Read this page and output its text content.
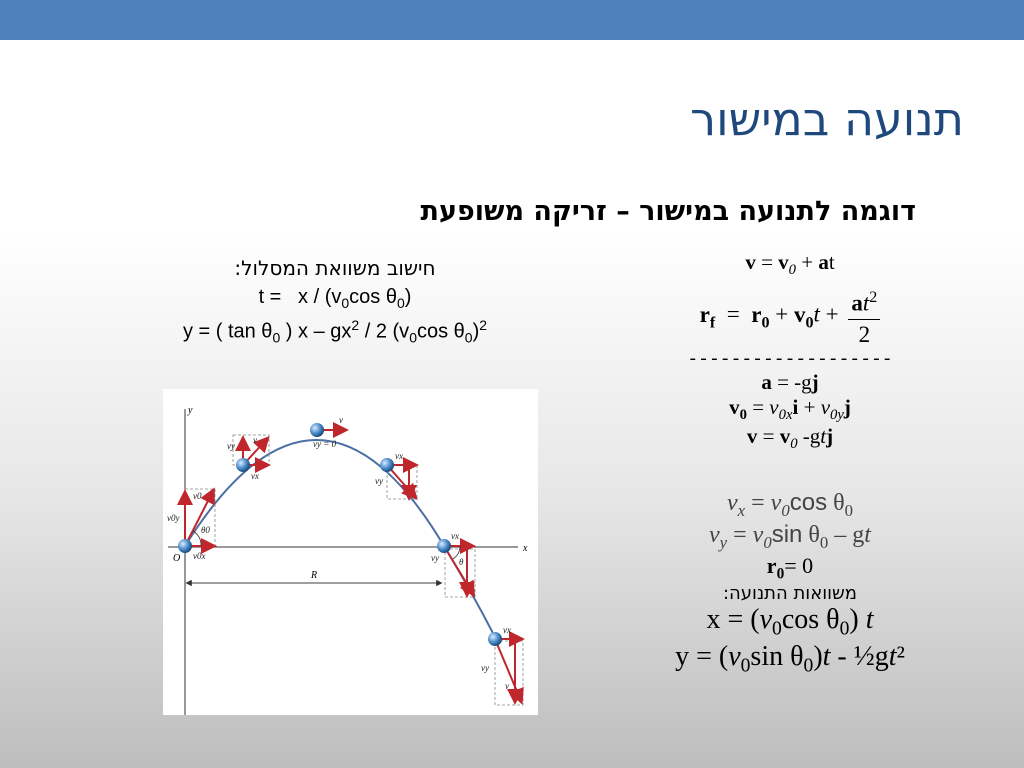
תנועה במישור
דוגמה לתנועה במישור – זריקה משופעת
חישוב משוואת המסלול:
$t = x / (v_0\cos$ $\theta_0$)
y = ( $\tan \theta_0$ ) x – $gx^2 / 2$ ($v_0\cos$ $\theta_0)^2$
$v = v_0$ + at
$r_f = r_0 + v_0t + \frac{at^2}{2}$
-------------------
a = -gj
$v_0 = v_{0x}i + v_{0y}j$
$v = v_0$ -gtj
$v_x = v_0\cos$ $\theta_0$
$v_y = v_0\sin$ $\theta_0$ – gt
$r_0= 0$
משוואות התנועה:
$x = (v_0\cos$ $\theta_0$) t
$y = (v_0\sin$ $\theta_0)t$ - ½gt²
y
x
O
R
v0
v0y
v0x
θ0
vy
vx
v	vy = 0
v
vx
vy
vx
vy θ
vx
vy
v
